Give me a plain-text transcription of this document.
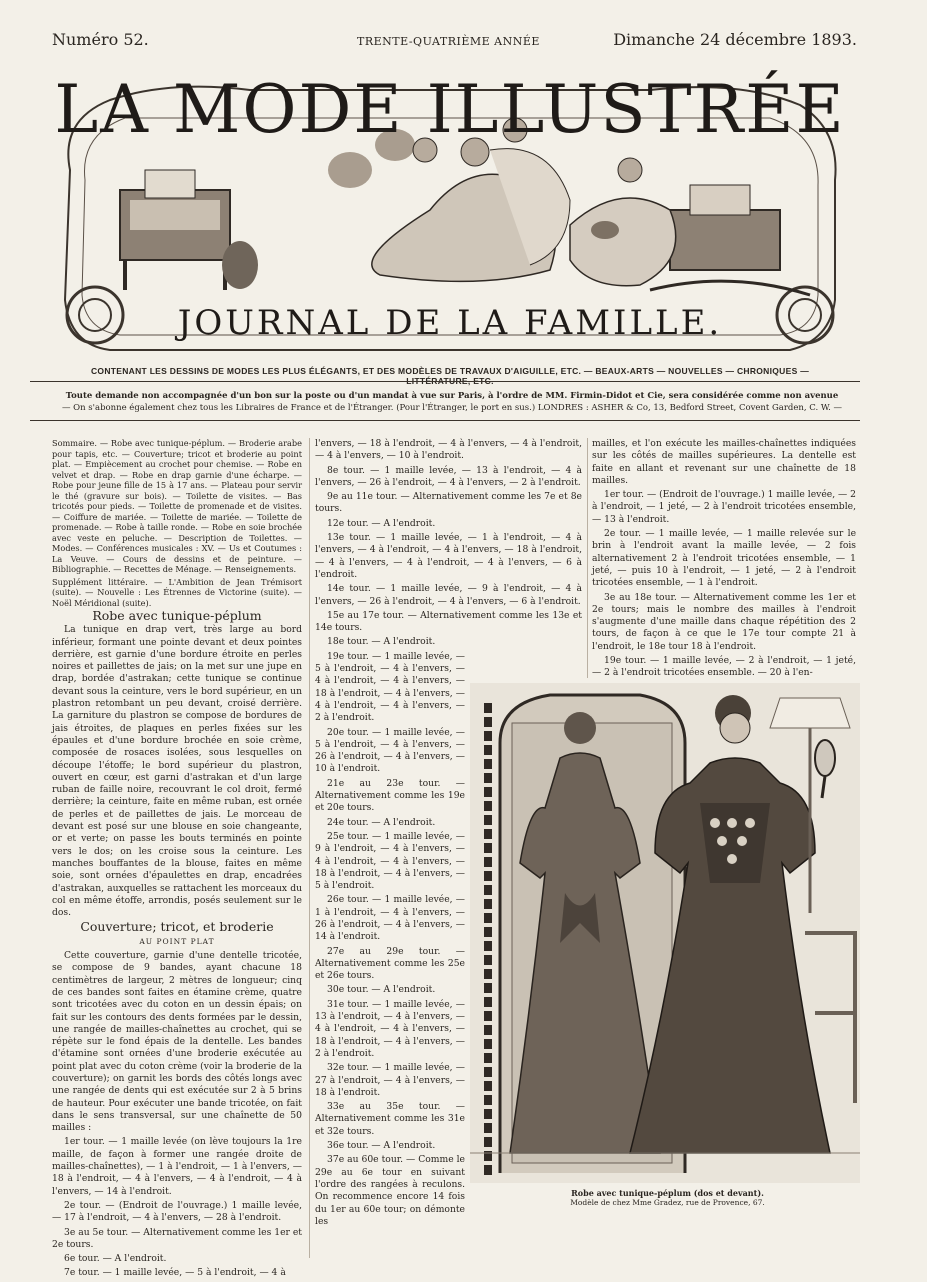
Numéro 52.	TRENTE-QUATRIÈME ANNÉE	Dimanche 24 décembre 1893.
LA MODE ILLUSTRÉE
JOURNAL DE LA FAMILLE.
CONTENANT LES DESSINS DE MODES LES PLUS ÉLÉGANTS, ET DES MODÈLES DE TRAVAUX D'AIGUILLE, ETC. — BEAUX-ARTS — NOUVELLES — CHRONIQUES — LITTÉRATURE, ETC.
Toute demande non accompagnée d'un bon sur la poste ou d'un mandat à vue sur Paris, à l'ordre de MM. Firmin-Didot et Cie, sera considérée comme non avenue
— On s'abonne également chez tous les Libraires de France et de l'Étranger. (Pour l'Étranger, le port en sus.) LONDRES : ASHER & Co, 13, Bedford Street, Covent Garden, C. W. —

Sommaire. — Robe avec tunique-péplum. — Broderie arabe pour tapis, etc. — Couverture; tricot et broderie au point plat. — Empiècement au crochet pour chemise. — Robe en velvet et drap. — Robe en drap garnie d'une écharpe. — Robe pour jeune fille de 15 à 17 ans. — Plateau pour servir le thé (gravure sur bois). — Toilette de visites. — Bas tricotés pour pieds. — Toilette de promenade et de visites. — Coiffure de mariée. — Toilette de mariée. — Toilette de promenade. — Robe à taille ronde. — Robe en soie brochée avec veste en peluche. — Description de Toilettes. — Modes. — Conférences musicales : XV. — Us et Coutumes : La Veuve. — Cours de dessins et de peinture. — Bibliographie. — Recettes de Ménage. — Renseignements.

Supplément littéraire. — L'Ambition de Jean Trémisort (suite). — Nouvelle : Les Étrennes de Victorine (suite). — Noël Méridional (suite).

Robe avec tunique-péplum

La tunique en drap vert, très large au bord inférieur, formant une pointe devant et deux pointes derrière, est garnie d'une bordure étroite en perles noires et paillettes de jais; on la met sur une jupe en drap, bordée d'astrakan; cette tunique se continue devant sous la ceinture, vers le bord supérieur, en un plastron retombant un peu devant, croisé derrière. La garniture du plastron se compose de bordures de jais étroites, de plaques en perles fixées sur les épaules et d'une bordure brochée en soie crème, composée de rosaces isolées, sous lesquelles on découpe l'étoffe; le bord supérieur du plastron, ouvert en cœur, est garni d'astrakan et d'un large ruban de faille noire, recouvrant le col droit, fermé derrière; la ceinture, faite en même ruban, est ornée de perles et de paillettes de jais. Le morceau de devant est posé sur une blouse en soie changeante, or et verte; on passe les bouts terminés en pointe vers le dos; on les croise sous la ceinture. Les manches bouffantes de la blouse, faites en même soie, sont ornées d'épaulettes en drap, encadrées d'astrakan, auxquelles se rattachent les morceaux du col en même étoffe, arrondis, posés seulement sur le dos.

Couverture; tricot, et broderie

AU POINT PLAT

Cette couverture, garnie d'une dentelle tricotée, se compose de 9 bandes, ayant chacune 18 centimètres de largeur, 2 mètres de longueur; cinq de ces bandes sont faites en étamine crème, quatre sont tricotées avec du coton en un dessin épais; on fait sur les contours des dents formées par le dessin, une rangée de mailles-chaînettes au crochet, qui se répète sur le fond épais de la dentelle. Les bandes d'étamine sont ornées d'une broderie exécutée au point plat avec du coton crème (voir la broderie de la couverture); on garnit les bords des côtés longs avec une rangée de dents qui est exécutée sur 2 à 5 brins de hauteur. Pour exécuter une bande tricotée, on fait dans le sens transversal, sur une chaînette de 50 mailles :

1er tour. — 1 maille levée (on lève toujours la 1re maille, de façon à former une rangée droite de mailles-chaînettes), — 1 à l'endroit, — 1 à l'envers, — 18 à l'endroit, — 4 à l'envers, — 4 à l'endroit, — 4 à l'envers, — 14 à l'endroit.

2e tour. — (Endroit de l'ouvrage.) 1 maille levée, — 17 à l'endroit, — 4 à l'envers, — 28 à l'endroit.

3e au 5e tour. — Alternativement comme les 1er et 2e tours.

6e tour. — A l'endroit.

7e tour. — 1 maille levée, — 5 à l'endroit, — 4 à

l'envers, — 18 à l'endroit, — 4 à l'envers, — 4 à l'endroit, — 4 à l'envers, — 10 à l'endroit.

8e tour. — 1 maille levée, — 13 à l'endroit, — 4 à l'envers, — 26 à l'endroit, — 4 à l'envers, — 2 à l'endroit.

9e au 11e tour. — Alternativement comme les 7e et 8e tours.

12e tour. — A l'endroit.

13e tour. — 1 maille levée, — 1 à l'endroit, — 4 à l'envers, — 4 à l'endroit, — 4 à l'envers, — 18 à l'endroit, — 4 à l'envers, — 4 à l'endroit, — 4 à l'envers, — 6 à l'endroit.

14e tour. — 1 maille levée, — 9 à l'endroit, — 4 à l'envers, — 26 à l'endroit, — 4 à l'envers, — 6 à l'endroit.

15e au 17e tour. — Alternativement comme les 13e et 14e tours.

18e tour. — A l'endroit.

19e tour. — 1 maille levée, — 5 à l'endroit, — 4 à l'envers, — 4 à l'endroit, — 4 à l'envers, — 18 à l'endroit, — 4 à l'envers, — 4 à l'endroit, — 4 à l'envers, — 2 à l'endroit.

20e tour. — 1 maille levée, — 5 à l'endroit, — 4 à l'envers, — 26 à l'endroit, — 4 à l'envers, — 10 à l'endroit.

21e au 23e tour. — Alternativement comme les 19e et 20e tours.

24e tour. — A l'endroit.

25e tour. — 1 maille levée, — 9 à l'endroit, — 4 à l'envers, — 4 à l'endroit, — 4 à l'envers, — 18 à l'endroit, — 4 à l'envers, — 5 à l'endroit.

26e tour. — 1 maille levée, — 1 à l'endroit, — 4 à l'envers, — 26 à l'endroit, — 4 à l'envers, — 14 à l'endroit.

27e au 29e tour. — Alternativement comme les 25e et 26e tours.

30e tour. — A l'endroit.

31e tour. — 1 maille levée, — 13 à l'endroit, — 4 à l'envers, — 4 à l'endroit, — 4 à l'envers, — 18 à l'endroit, — 4 à l'envers, — 2 à l'endroit.

32e tour. — 1 maille levée, — 27 à l'endroit, — 4 à l'envers, — 18 à l'endroit.

33e au 35e tour. — Alternativement comme les 31e et 32e tours.

36e tour. — A l'endroit.

37e au 60e tour. — Comme le 29e au 6e tour en suivant l'ordre des rangées à reculons. On recommence encore 14 fois du 1er au 60e tour; on démonte les

mailles, et l'on exécute les mailles-chaînettes indiquées sur les côtés de mailles supérieures. La dentelle est faite en allant et revenant sur une chaînette de 18 mailles.

1er tour. — (Endroit de l'ouvrage.) 1 maille levée, — 2 à l'endroit, — 1 jeté, — 2 à l'endroit tricotées ensemble, — 13 à l'endroit.

2e tour. — 1 maille levée, — 1 maille relevée sur le brin à l'endroit avant la maille levée, — 2 fois alternativement 2 à l'endroit tricotées ensemble, — 1 jeté, — puis 10 à l'endroit, — 1 jeté, — 2 à l'endroit tricotées ensemble, — 1 à l'endroit.

3e au 18e tour. — Alternativement comme les 1er et 2e tours; mais le nombre des mailles à l'endroit s'augmente d'une maille dans chaque répétition des 2 tours, de façon à ce que le 17e tour compte 21 à l'endroit, le 18e tour 18 à l'endroit.

19e tour. — 1 maille levée, — 2 à l'endroit, — 1 jeté, — 2 à l'endroit tricotées ensemble. — 20 à l'en-

Robe avec tunique-péplum (dos et devant).
Modèle de chez Mme Gradez, rue de Provence, 67.
